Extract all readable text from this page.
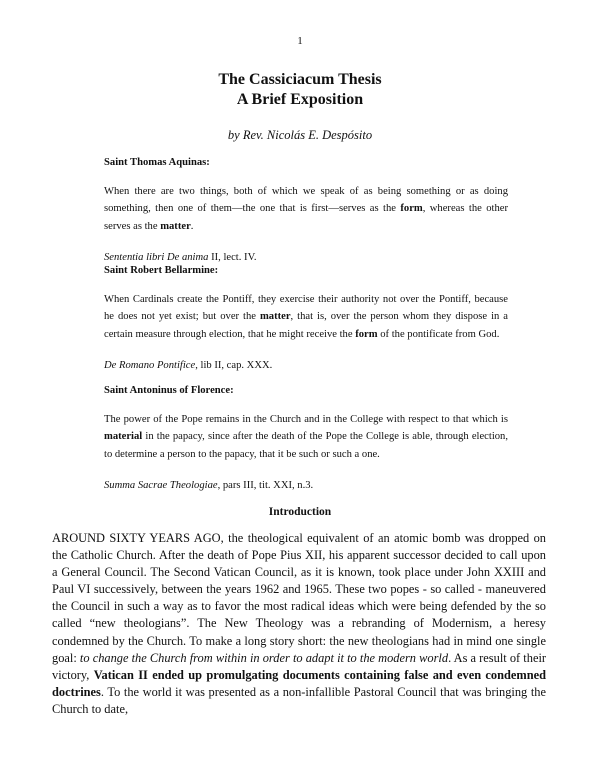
1
The Cassiciacum Thesis
A Brief Exposition
by Rev. Nicolás E. Despósito
Saint Thomas Aquinas:
When there are two things, both of which we speak of as being something or as doing something, then one of them—the one that is first—serves as the form, whereas the other serves as the matter.
Sententia libri De anima II, lect. IV.
Saint Robert Bellarmine:
When Cardinals create the Pontiff, they exercise their authority not over the Pontiff, because he does not yet exist; but over the matter, that is, over the person whom they dispose in a certain measure through election, that he might receive the form of the pontificate from God.
De Romano Pontifice, lib II, cap. XXX.
Saint Antoninus of Florence:
The power of the Pope remains in the Church and in the College with respect to that which is material in the papacy, since after the death of the Pope the College is able, through election, to determine a person to the papacy, that it be such or such a one.
Summa Sacrae Theologiae, pars III, tit. XXI, n.3.
Introduction
AROUND SIXTY YEARS AGO, the theological equivalent of an atomic bomb was dropped on the Catholic Church. After the death of Pope Pius XII, his apparent successor decided to call upon a General Council. The Second Vatican Council, as it is known, took place under John XXIII and Paul VI successively, between the years 1962 and 1965. These two popes - so called - maneuvered the Council in such a way as to favor the most radical ideas which were being defended by the so called “new theologians”. The New Theology was a rebranding of Modernism, a heresy condemned by the Church. To make a long story short: the new theologians had in mind one single goal: to change the Church from within in order to adapt it to the modern world. As a result of their victory, Vatican II ended up promulgating documents containing false and even condemned doctrines. To the world it was presented as a non-infallible Pastoral Council that was bringing the Church to date,
